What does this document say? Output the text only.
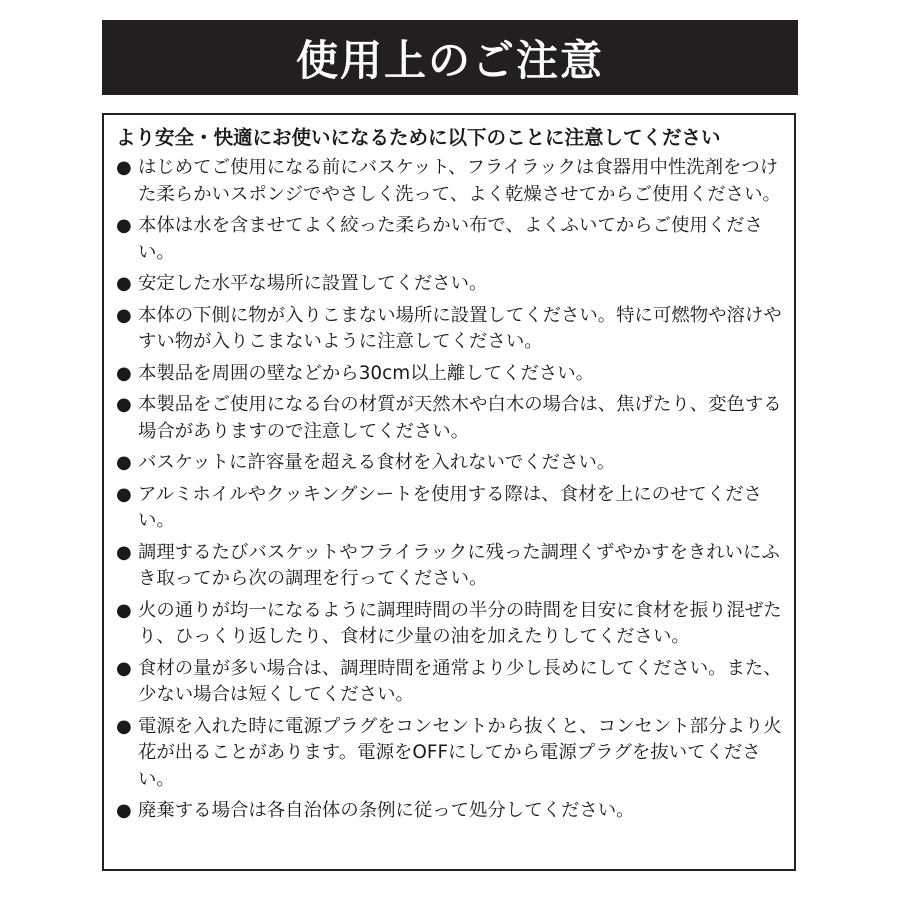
使用上のご注意

より安全・快適にお使いになるために以下のことに注意してください

● はじめてご使用になる前にバスケット、フライラックは食器用中性洗剤をつけた柔らかいスポンジでやさしく洗って、よく乾燥させてからご使用ください。
● 本体は水を含ませてよく絞った柔らかい布で、よくふいてからご使用ください。
● 安定した水平な場所に設置してください。
● 本体の下側に物が入りこまない場所に設置してください。特に可燃物や溶けやすい物が入りこまないように注意してください。
● 本製品を周囲の壁などから30cm以上離してください。
● 本製品をご使用になる台の材質が天然木や白木の場合は、焦げたり、変色する場合がありますので注意してください。
● バスケットに許容量を超える食材を入れないでください。
● アルミホイルやクッキングシートを使用する際は、食材を上にのせてください。
● 調理するたびバスケットやフライラックに残った調理くずやかすをきれいにふき取ってから次の調理を行ってください。
● 火の通りが均一になるように調理時間の半分の時間を目安に食材を振り混ぜたり、ひっくり返したり、食材に少量の油を加えたりしてください。
● 食材の量が多い場合は、調理時間を通常より少し長めにしてください。また、少ない場合は短くしてください。
● 電源を入れた時に電源プラグをコンセントから抜くと、コンセント部分より火花が出ることがあります。電源をOFFにしてから電源プラグを抜いてください。
● 廃棄する場合は各自治体の条例に従って処分してください。
